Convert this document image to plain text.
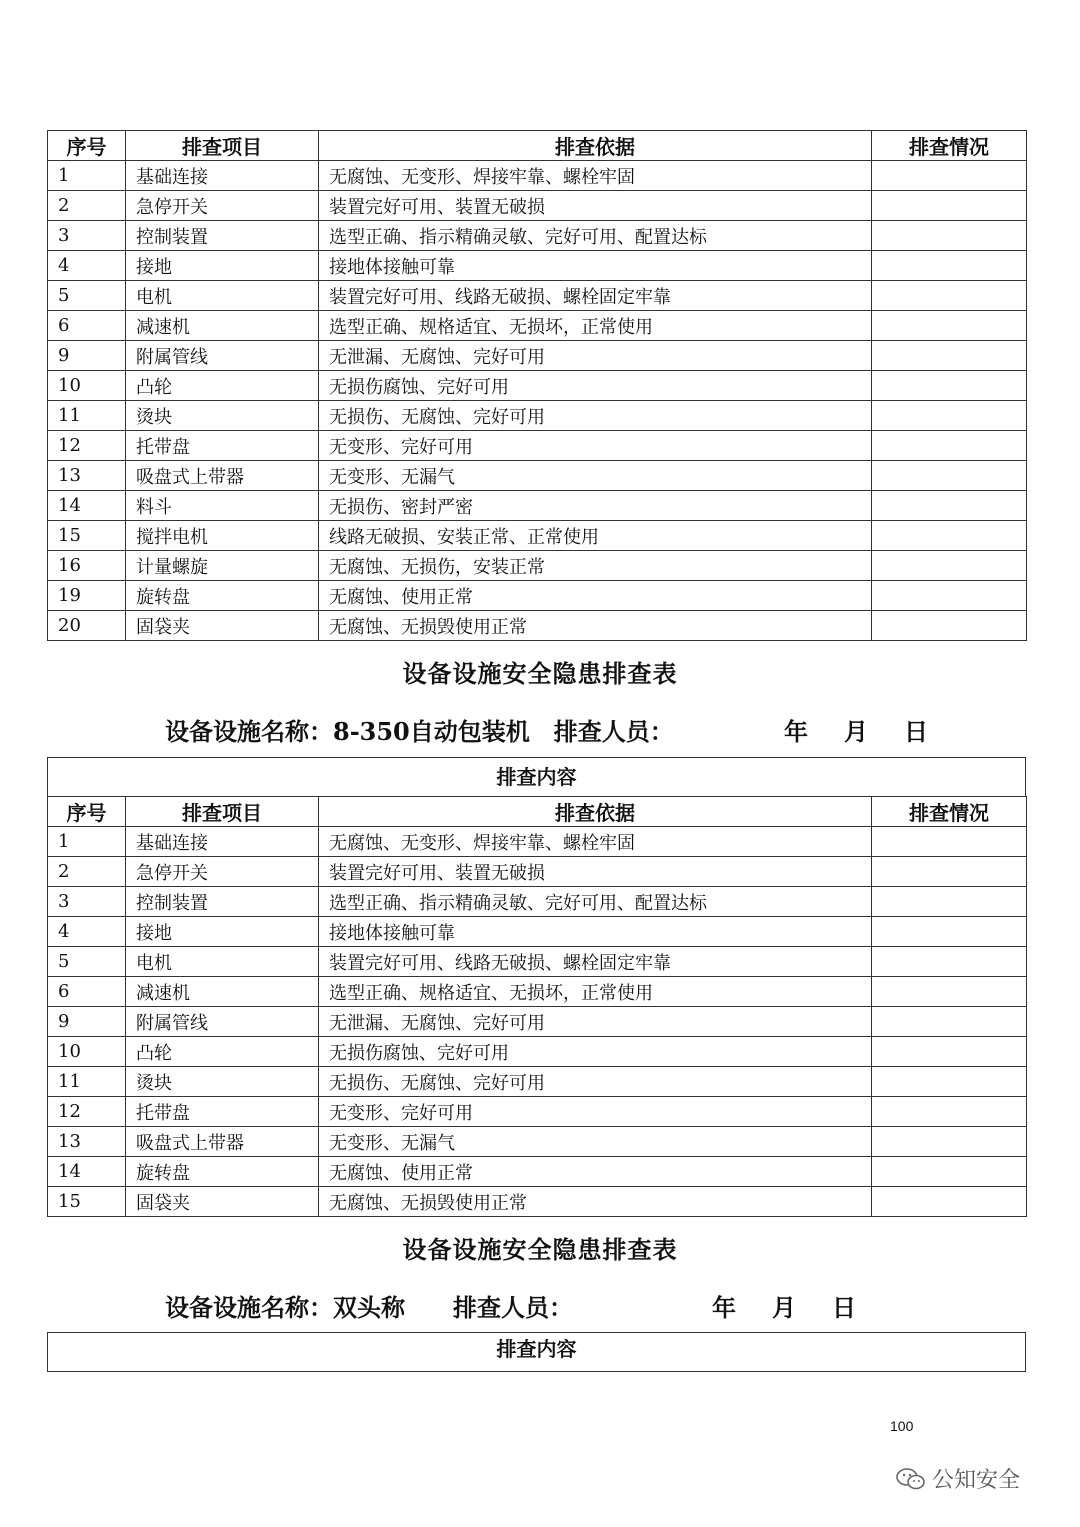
序号	排查项目	排查依据	排查情况
1	基础连接	无腐蚀、无变形、焊接牢靠、螺栓牢固	
2	急停开关	装置完好可用、装置无破损	
3	控制装置	选型正确、指示精确灵敏、完好可用、配置达标	
4	接地	接地体接触可靠	
5	电机	装置完好可用、线路无破损、螺栓固定牢靠	
6	减速机	选型正确、规格适宜、无损坏，正常使用	
9	附属管线	无泄漏、无腐蚀、完好可用	
10	凸轮	无损伤腐蚀、完好可用	
11	烫块	无损伤、无腐蚀、完好可用	
12	托带盘	无变形、完好可用	
13	吸盘式上带器	无变形、无漏气	
14	料斗	无损伤、密封严密	
15	搅拌电机	线路无破损、安装正常、正常使用	
16	计量螺旋	无腐蚀、无损伤，安装正常	
19	旋转盘	无腐蚀、使用正常	
20	固袋夹	无腐蚀、无损毁使用正常	
设备设施安全隐患排查表
设备设施名称：8-350自动包装机　排查人员：	年　月　日
排查内容
序号	排查项目	排查依据	排查情况
1	基础连接	无腐蚀、无变形、焊接牢靠、螺栓牢固	
2	急停开关	装置完好可用、装置无破损	
3	控制装置	选型正确、指示精确灵敏、完好可用、配置达标	
4	接地	接地体接触可靠	
5	电机	装置完好可用、线路无破损、螺栓固定牢靠	
6	减速机	选型正确、规格适宜、无损坏，正常使用	
9	附属管线	无泄漏、无腐蚀、完好可用	
10	凸轮	无损伤腐蚀、完好可用	
11	烫块	无损伤、无腐蚀、完好可用	
12	托带盘	无变形、完好可用	
13	吸盘式上带器	无变形、无漏气	
14	旋转盘	无腐蚀、使用正常	
15	固袋夹	无腐蚀、无损毁使用正常	
设备设施安全隐患排查表
设备设施名称：双头称　　排查人员：	年　月　日
排查内容
100
公知安全
